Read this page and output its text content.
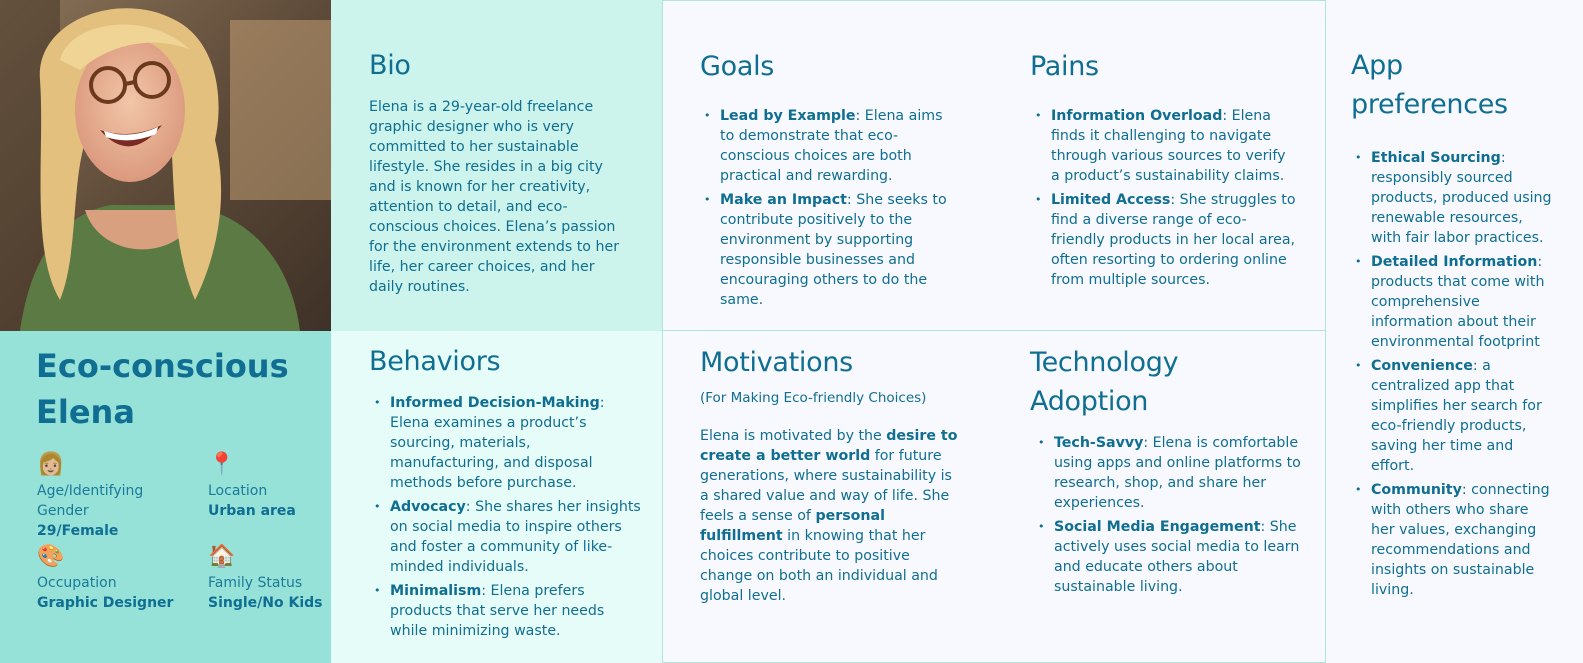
Bio

Elena is a 29-year-old freelance graphic designer who is very committed to her sustainable lifestyle. She resides in a big city and is known for her creativity, attention to detail, and eco-conscious choices. Elena’s passion for the environment extends to her life, her career choices, and her daily routines.

Goals
• Lead by Example: Elena aims to demonstrate that eco-conscious choices are both practical and rewarding.
• Make an Impact: She seeks to contribute positively to the environment by supporting responsible businesses and encouraging others to do the same.
Pains
• Information Overload: Elena finds it challenging to navigate through various sources to verify a product’s sustainability claims.
• Limited Access: She struggles to find a diverse range of eco-friendly products in her local area, often resorting to ordering online from multiple sources.
App preferences
• Ethical Sourcing: responsibly sourced products, produced using renewable resources, with fair labor practices.
• Detailed Information: products that come with comprehensive information about their environmental footprint
• Convenience: a centralized app that simplifies her search for eco-friendly products, saving her time and effort.
• Community: connecting with others who share her values, exchanging recommendations and insights on sustainable living.
Eco-conscious Elena
👩🏼
Age/Identifying Gender
29/Female
📍
Location
Urban area
🎨
Occupation
Graphic Designer
🏠
Family Status
Single/No Kids
Behaviors
• Informed Decision-Making: Elena examines a product’s sourcing, materials, manufacturing, and disposal methods before purchase.
• Advocacy: She shares her insights on social media to inspire others and foster a community of like-minded individuals.
• Minimalism: Elena prefers products that serve her needs while minimizing waste.
Motivations
(For Making Eco-friendly Choices)

Elena is motivated by the desire to create a better world for future generations, where sustainability is a shared value and way of life. She feels a sense of personal fulfillment in knowing that her choices contribute to positive change on both an individual and global level.

Technology Adoption
• Tech-Savvy: Elena is comfortable using apps and online platforms to research, shop, and share her experiences.
• Social Media Engagement: She actively uses social media to learn and educate others about sustainable living.
